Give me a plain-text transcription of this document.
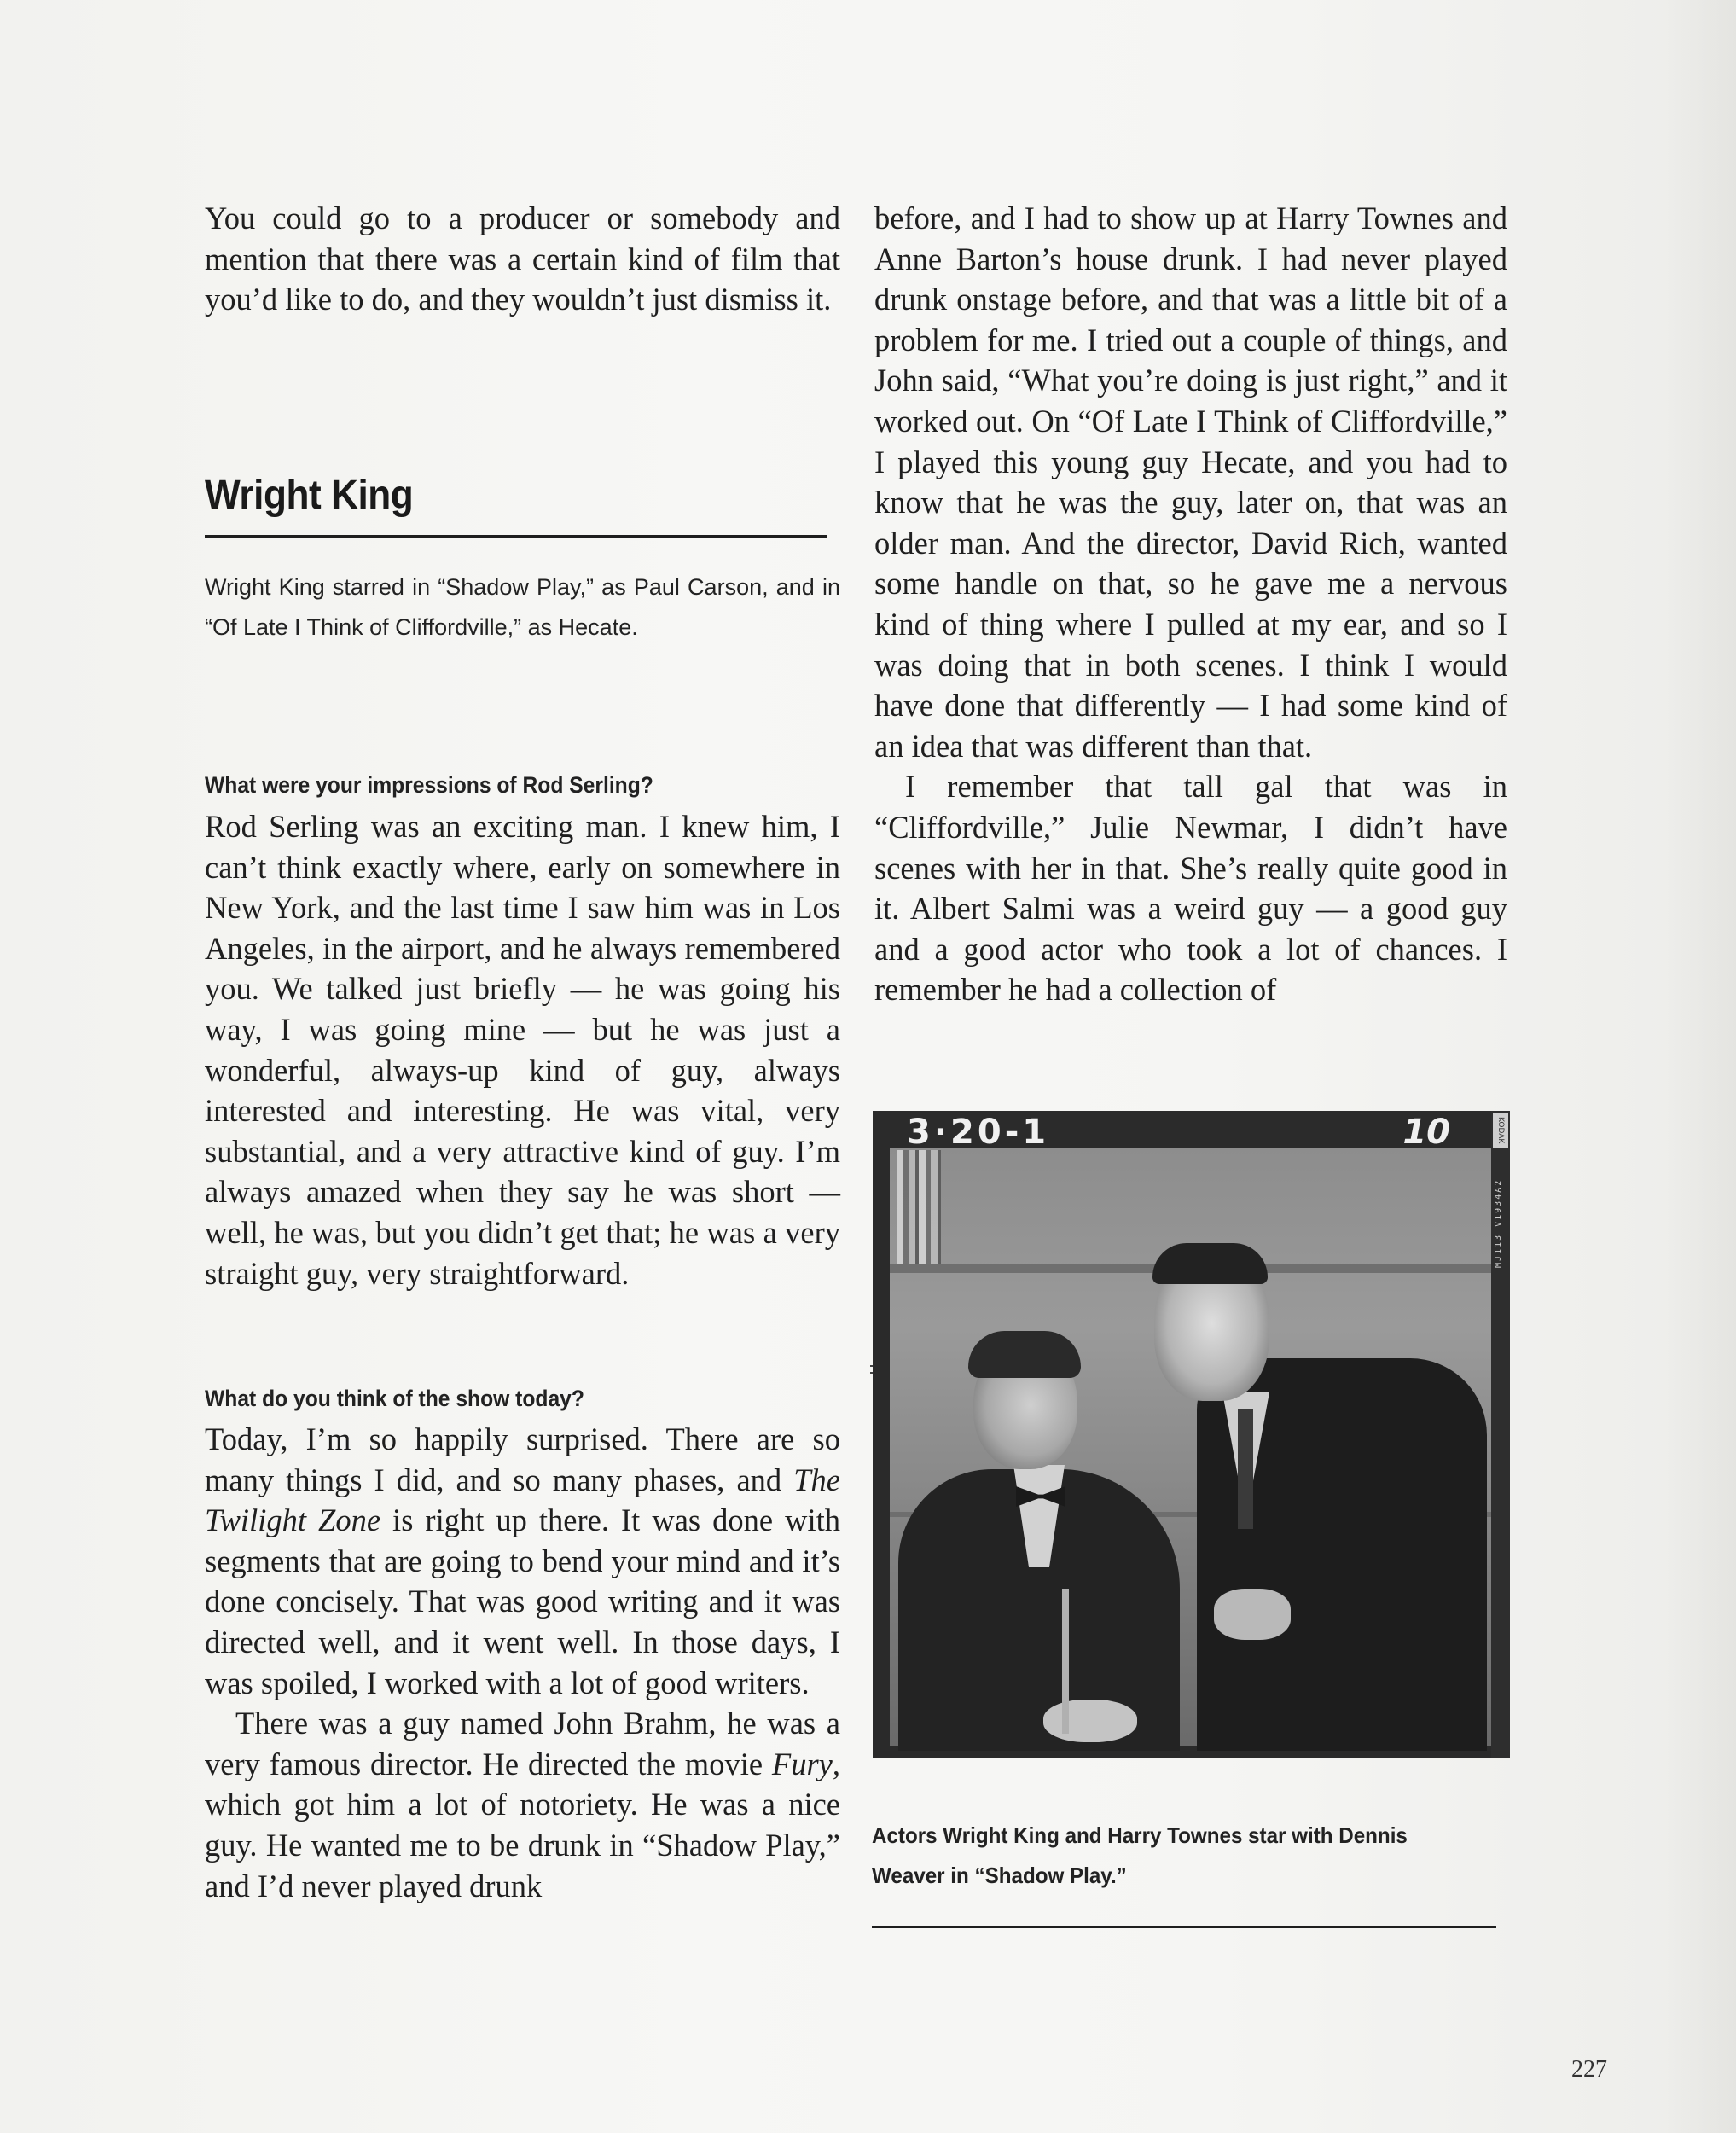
You could go to a producer or somebody and mention that there was a certain kind of film that you’d like to do, and they wouldn’t just dismiss it.

Wright King

Wright King starred in “Shadow Play,” as Paul Carson, and in “Of Late I Think of Cliffordville,” as Hecate.

What were your impressions of Rod Serling?

Rod Serling was an exciting man. I knew him, I can’t think exactly where, early on somewhere in New York, and the last time I saw him was in Los Angeles, in the airport, and he always remembered you. We talked just briefly — he was going his way, I was going mine — but he was just a wonderful, always-up kind of guy, always interested and interesting. He was vital, very substantial, and a very attractive kind of guy. I’m always amazed when they say he was short — well, he was, but you didn’t get that; he was a very straight guy, very straightforward.

What do you think of the show today?

Today, I’m so happily surprised. There are so many things I did, and so many phases, and The Twilight Zone is right up there. It was done with segments that are going to bend your mind and it’s done concisely. That was good writing and it was directed well, and it went well. In those days, I was spoiled, I worked with a lot of good writers.

There was a guy named John Brahm, he was a very famous director. He directed the movie Fury, which got him a lot of notoriety. He was a nice guy. He wanted me to be drunk in “Shadow Play,” and I’d never played drunk

before, and I had to show up at Harry Townes and Anne Barton’s house drunk. I had never played drunk onstage before, and that was a little bit of a problem for me. I tried out a couple of things, and John said, “What you’re doing is just right,” and it worked out. On “Of Late I Think of Cliffordville,” I played this young guy Hecate, and you had to know that he was the guy, later on, that was an older man. And the director, David Rich, wanted some handle on that, so he gave me a nervous kind of thing where I pulled at my ear, and so I was doing that in both scenes. I think I would have done that differently — I had some kind of an idea that was different than that.

I remember that tall gal that was in “Cliffordville,” Julie Newmar, I didn’t have scenes with her in that. She’s really quite good in it. Albert Salmi was a weird guy — a good guy and a good actor who took a lot of chances. I remember he had a collection of

KODAK
MJ113 V1934A2
3·20-1	10
Actors Wright King and Harry Townes star with Dennis Weaver in “Shadow Play.”
227
